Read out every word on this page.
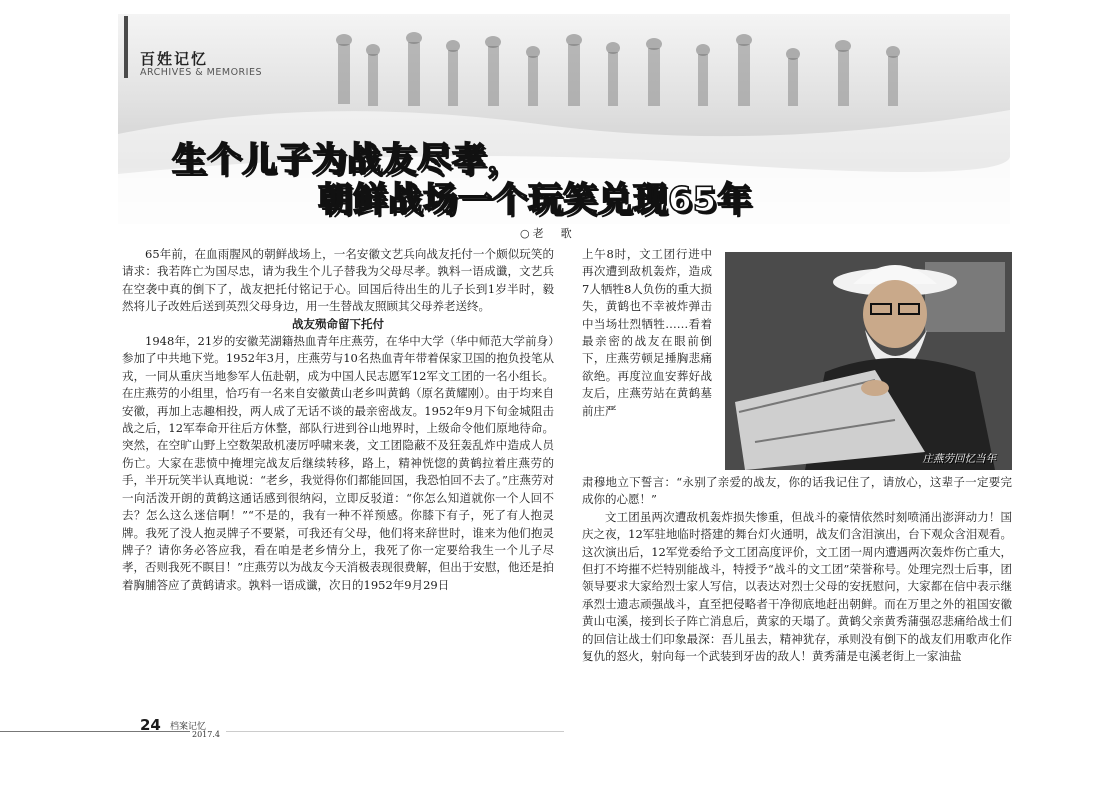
百姓记忆
ARCHIVES & MEMORIES
生个儿子为战友尽孝，
朝鲜战场一个玩笑兑现65年
○老　歌

65年前，在血雨腥风的朝鲜战场上，一名安徽文艺兵向战友托付一个颇似玩笑的请求：我若阵亡为国尽忠，请为我生个儿子替我为父母尽孝。孰料一语成谶，文艺兵在空袭中真的倒下了，战友把托付铭记于心。回国后待出生的儿子长到1岁半时，毅然将儿子改姓后送到英烈父母身边，用一生替战友照顾其父母养老送终。

战友殒命留下托付

1948年，21岁的安徽芜湖籍热血青年庄燕劳，在华中大学（华中师范大学前身）参加了中共地下党。1952年3月，庄燕劳与10名热血青年带着保家卫国的抱负投笔从戎，一同从重庆当地参军人伍赴朝，成为中国人民志愿军12军文工团的一名小组长。在庄燕劳的小组里，恰巧有一名来自安徽黄山老乡叫黄鹤（原名黄耀刚）。由于均来自安徽，再加上志趣相投，两人成了无话不谈的最亲密战友。1952年9月下旬金城阻击战之后，12军奉命开往后方休整，部队行进到谷山地界时，上级命令他们原地待命。突然，在空旷山野上空数架敌机凄厉呼啸来袭，文工团隐蔽不及狂轰乱炸中造成人员伤亡。大家在悲愤中掩埋完战友后继续转移，路上，精神恍惚的黄鹤拉着庄燕劳的手，半开玩笑半认真地说：“老乡，我觉得你们都能回国，我恐怕回不去了。”庄燕劳对一向活泼开朗的黄鹤这通话感到很纳闷，立即反驳道：“你怎么知道就你一个人回不去？怎么这么迷信啊！”“不是的，我有一种不祥预感。你膝下有子，死了有人抱灵牌。我死了没人抱灵牌子不要紧，可我还有父母，他们将来辞世时，谁来为他们抱灵牌子？请你务必答应我，看在咱是老乡情分上，我死了你一定要给我生一个儿子尽孝，否则我死不瞑目！”庄燕劳以为战友今天消极表现很费解，但出于安慰，他还是拍着胸脯答应了黄鹤请求。孰料一语成谶，次日的1952年9月29日

上午8时，文工团行进中再次遭到敌机轰炸，造成7人牺牲8人负伤的重大损失，黄鹤也不幸被炸弹击中当场壮烈牺牲……看着最亲密的战友在眼前倒下，庄燕劳顿足捶胸悲痛欲绝。再度泣血安葬好战友后，庄燕劳站在黄鹤墓前庄严

庄燕劳回忆当年

肃穆地立下誓言：“永别了亲爱的战友，你的话我记住了，请放心，这辈子一定要完成你的心愿！”

文工团虽两次遭敌机轰炸损失惨重，但战斗的豪情依然时刻喷涌出澎湃动力！国庆之夜，12军驻地临时搭建的舞台灯火通明，战友们含泪演出，台下观众含泪观看。这次演出后，12军党委给予文工团高度评价，文工团一周内遭遇两次轰炸伤亡重大，但打不垮摧不烂特别能战斗，特授予“战斗的文工团”荣誉称号。处理完烈士后事，团领导要求大家给烈士家人写信，以表达对烈士父母的安抚慰问，大家都在信中表示继承烈士遗志顽强战斗，直至把侵略者干净彻底地赶出朝鲜。而在万里之外的祖国安徽黄山屯溪，接到长子阵亡消息后，黄家的天塌了。黄鹤父亲黄秀蒲强忍悲痛给战士们的回信让战士们印象最深：吾儿虽去，精神犹存，承则没有倒下的战友们用歌声化作复仇的怒火，射向每一个武装到牙齿的敌人！黄秀蒲是屯溪老街上一家油盐

24 档案记忆
2017.4
